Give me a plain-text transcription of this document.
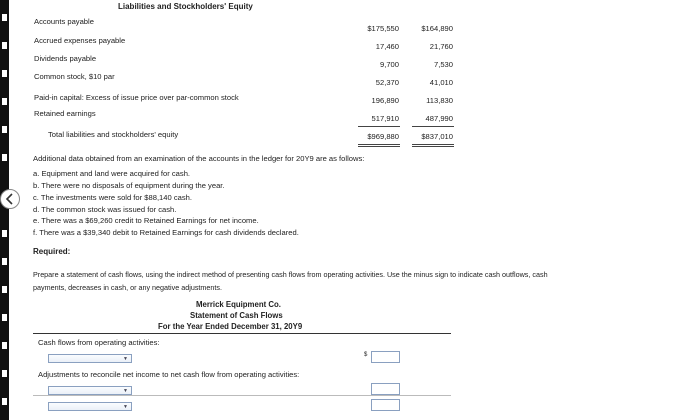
Liabilities and Stockholders' Equity
Accounts payable
$175,550	$164,890
Accrued expenses payable
17,460	21,760
Dividends payable
9,700	7,530
Common stock, $10 par
52,370	41,010
Paid-in capital: Excess of issue price over par-common stock	196,890	113,830
Retained earnings
517,910	487,990
Total liabilities and stockholders' equity	$969,880	$837,010
Additional data obtained from an examination of the accounts in the ledger for 20Y9 are as follows:
a. Equipment and land were acquired for cash.
b. There were no disposals of equipment during the year.
c. The investments were sold for $88,140 cash.
d. The common stock was issued for cash.
e. There was a $69,260 credit to Retained Earnings for net income.
f. There was a $39,340 debit to Retained Earnings for cash dividends declared.
Required:
Prepare a statement of cash flows, using the indirect method of presenting cash flows from operating activities. Use the minus sign to indicate cash outflows, cash
payments, decreases in cash, or any negative adjustments.
Merrick Equipment Co.
Statement of Cash Flows
For the Year Ended December 31, 20Y9
Cash flows from operating activities:
▼
$
Adjustments to reconcile net income to net cash flow from operating activities:
▼
▼
